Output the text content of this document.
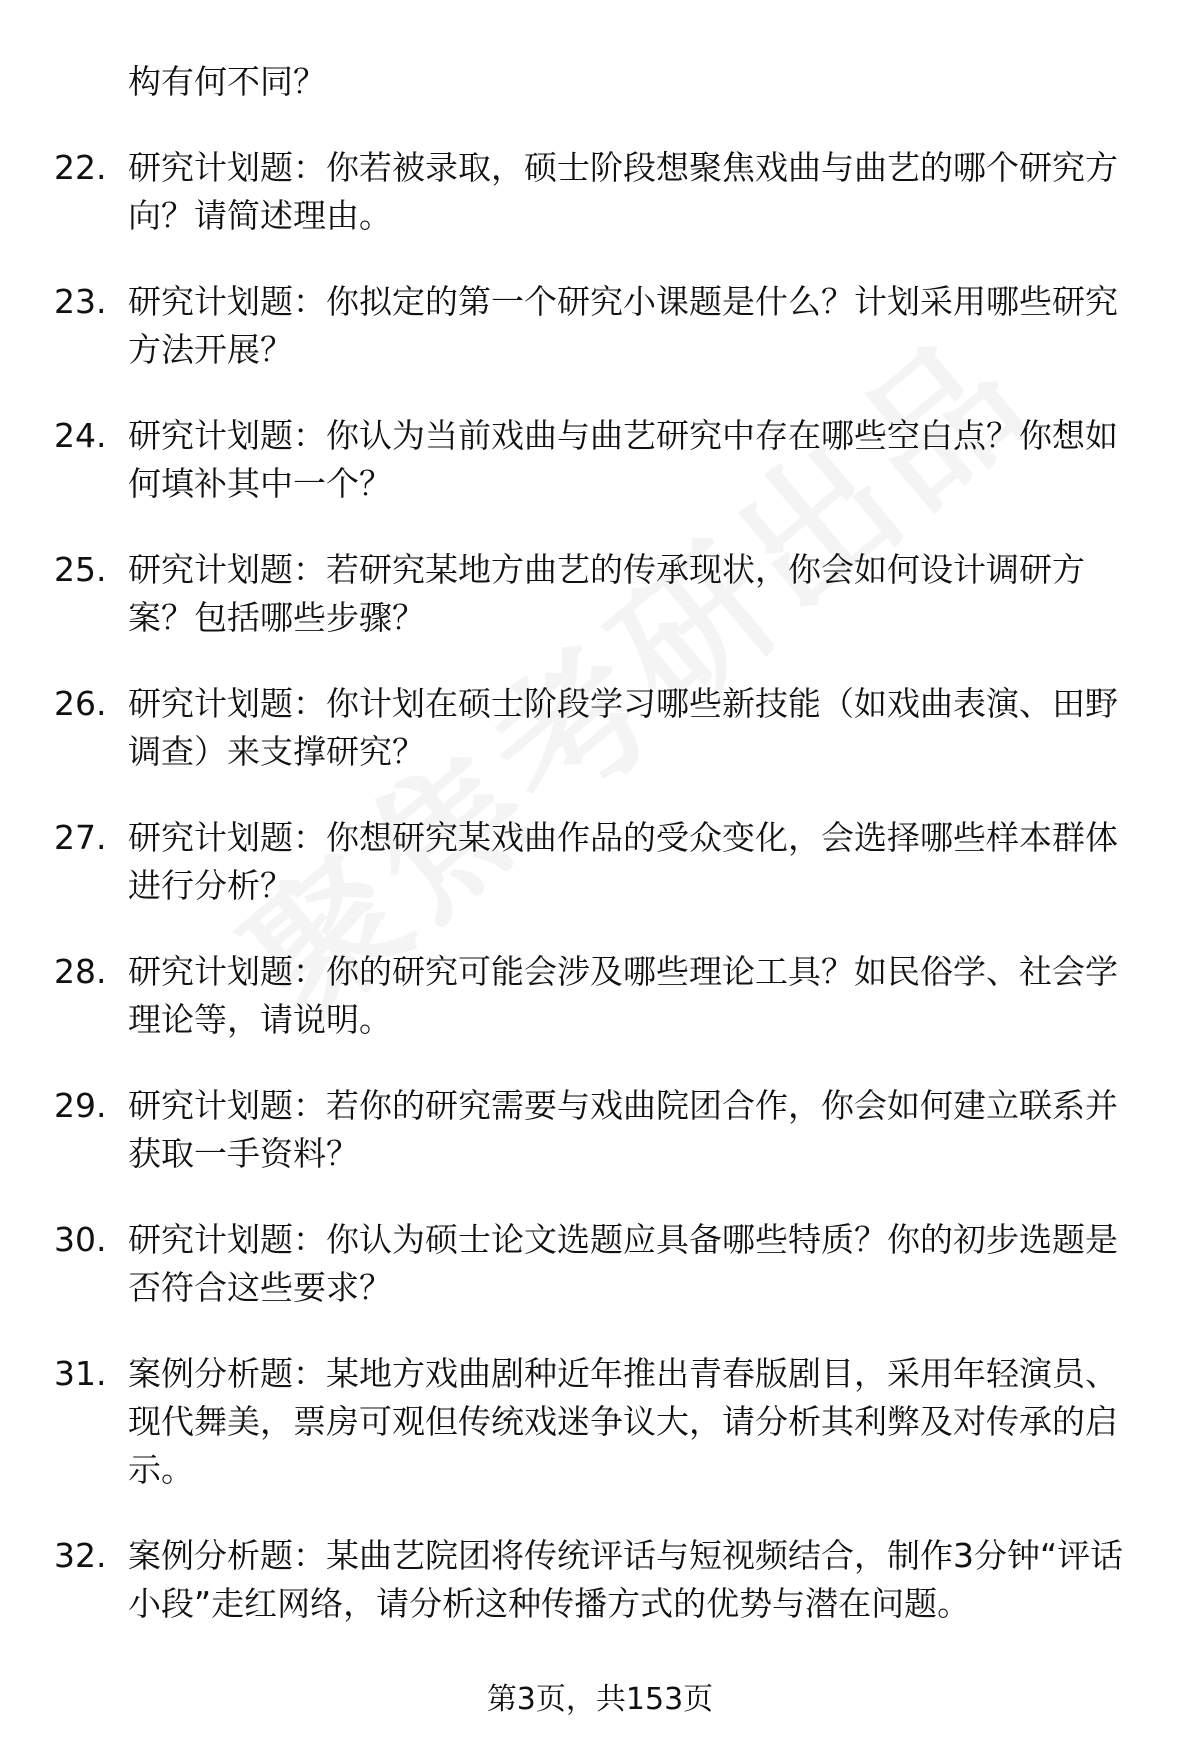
构有何不同？
22. 研究计划题：你若被录取，硕士阶段想聚焦戏曲与曲艺的哪个研究方向？请简述理由。
23. 研究计划题：你拟定的第一个研究小课题是什么？计划采用哪些研究方法开展？
24. 研究计划题：你认为当前戏曲与曲艺研究中存在哪些空白点？你想如何填补其中一个？
25. 研究计划题：若研究某地方曲艺的传承现状，你会如何设计调研方案？包括哪些步骤？
26. 研究计划题：你计划在硕士阶段学习哪些新技能（如戏曲表演、田野调查）来支撑研究？
27. 研究计划题：你想研究某戏曲作品的受众变化，会选择哪些样本群体进行分析？
28. 研究计划题：你的研究可能会涉及哪些理论工具？如民俗学、社会学理论等，请说明。
29. 研究计划题：若你的研究需要与戏曲院团合作，你会如何建立联系并获取一手资料？
30. 研究计划题：你认为硕士论文选题应具备哪些特质？你的初步选题是否符合这些要求？
31. 案例分析题：某地方戏曲剧种近年推出青春版剧目，采用年轻演员、现代舞美，票房可观但传统戏迷争议大，请分析其利弊及对传承的启示。
32. 案例分析题：某曲艺院团将传统评话与短视频结合，制作3分钟“评话小段”走红网络，请分析这种传播方式的优势与潜在问题。
第3页，共153页
